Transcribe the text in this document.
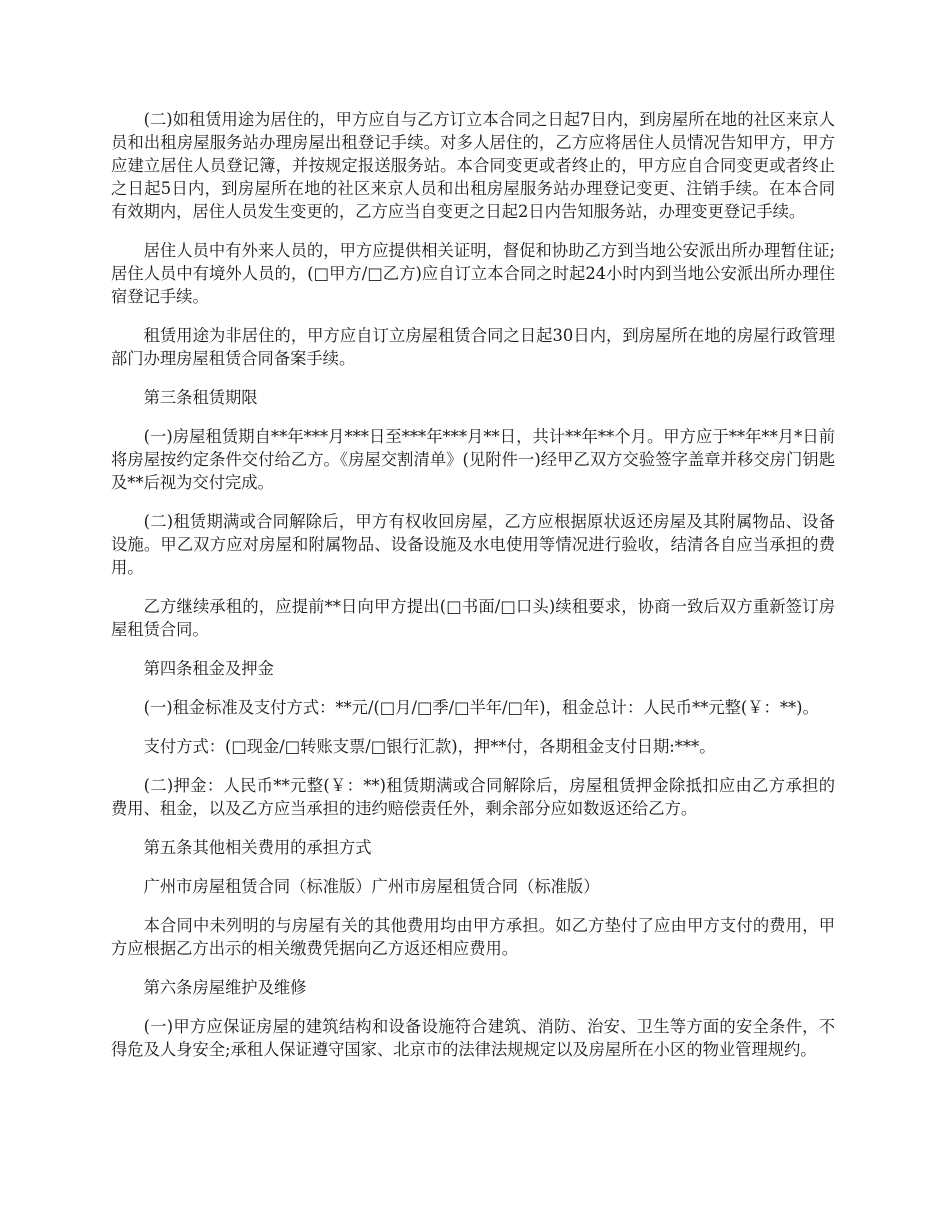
(二)如租赁用途为居住的，甲方应自与乙方订立本合同之日起7日内，到房屋所在地的社区来京人员和出租房屋服务站办理房屋出租登记手续。对多人居住的，乙方应将居住人员情况告知甲方，甲方应建立居住人员登记簿，并按规定报送服务站。本合同变更或者终止的，甲方应自合同变更或者终止之日起5日内，到房屋所在地的社区来京人员和出租房屋服务站办理登记变更、注销手续。在本合同有效期内，居住人员发生变更的，乙方应当自变更之日起2日内告知服务站，办理变更登记手续。

居住人员中有外来人员的，甲方应提供相关证明，督促和协助乙方到当地公安派出所办理暂住证;居住人员中有境外人员的，(□甲方/□乙方)应自订立本合同之时起24小时内到当地公安派出所办理住宿登记手续。

租赁用途为非居住的，甲方应自订立房屋租赁合同之日起30日内，到房屋所在地的房屋行政管理部门办理房屋租赁合同备案手续。

第三条租赁期限

(一)房屋租赁期自**年***月***日至***年***月**日，共计**年**个月。甲方应于**年**月*日前将房屋按约定条件交付给乙方。《房屋交割清单》(见附件一)经甲乙双方交验签字盖章并移交房门钥匙及**后视为交付完成。

(二)租赁期满或合同解除后，甲方有权收回房屋，乙方应根据原状返还房屋及其附属物品、设备设施。甲乙双方应对房屋和附属物品、设备设施及水电使用等情况进行验收，结清各自应当承担的费用。

乙方继续承租的，应提前**日向甲方提出(□书面/□口头)续租要求，协商一致后双方重新签订房屋租赁合同。

第四条租金及押金

(一)租金标准及支付方式：**元/(□月/□季/□半年/□年)，租金总计：人民币**元整(￥：**)。

支付方式：(□现金/□转账支票/□银行汇款)，押**付，各期租金支付日期:***。

(二)押金：人民币**元整(￥：**)租赁期满或合同解除后，房屋租赁押金除抵扣应由乙方承担的费用、租金，以及乙方应当承担的违约赔偿责任外，剩余部分应如数返还给乙方。

第五条其他相关费用的承担方式

广州市房屋租赁合同（标准版）广州市房屋租赁合同（标准版）

本合同中未列明的与房屋有关的其他费用均由甲方承担。如乙方垫付了应由甲方支付的费用，甲方应根据乙方出示的相关缴费凭据向乙方返还相应费用。

第六条房屋维护及维修

(一)甲方应保证房屋的建筑结构和设备设施符合建筑、消防、治安、卫生等方面的安全条件，不得危及人身安全;承租人保证遵守国家、北京市的法律法规规定以及房屋所在小区的物业管理规约。
